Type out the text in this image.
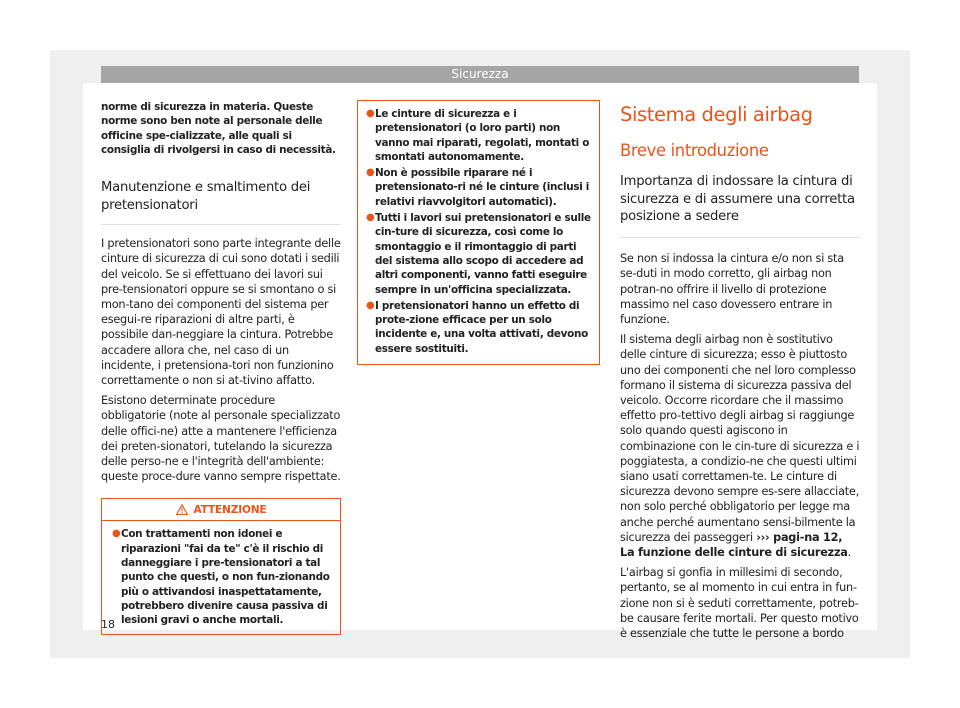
Sicurezza
norme di sicurezza in materia. Queste norme sono ben note al personale delle officine spe-cializzate, alle quali si consiglia di rivolgersi in caso di necessità.
Manutenzione e smaltimento dei pretensionatori

I pretensionatori sono parte integrante delle cinture di sicurezza di cui sono dotati i sedili del veicolo. Se si effettuano dei lavori sui pre-tensionatori oppure se si smontano o si mon-tano dei componenti del sistema per esegui-re riparazioni di altre parti, è possibile dan-neggiare la cintura. Potrebbe accadere allora che, nel caso di un incidente, i pretensiona-tori non funzionino correttamente o non si at-tivino affatto.

Esistono determinate procedure obbligatorie (note al personale specializzato delle offici-ne) atte a mantenere l'efficienza dei preten-sionatori, tutelando la sicurezza delle perso-ne e l'integrità dell'ambiente: queste proce-dure vanno sempre rispettate.

ATTENZIONE
● Con trattamenti non idonei e riparazioni "fai da te" c'è il rischio di danneggiare i pre-tensionatori a tal punto che questi, o non fun-zionando più o attivandosi inaspettatamente, potrebbero divenire causa passiva di lesioni gravi o anche mortali.
● Le cinture di sicurezza e i pretensionatori (o loro parti) non vanno mai riparati, regolati, montati o smontati autonomamente.
● Non è possibile riparare né i pretensionato-ri né le cinture (inclusi i relativi riavvolgitori automatici).
● Tutti i lavori sui pretensionatori e sulle cin-ture di sicurezza, così come lo smontaggio e il rimontaggio di parti del sistema allo scopo di accedere ad altri componenti, vanno fatti eseguire sempre in un'officina specializzata.
● I pretensionatori hanno un effetto di prote-zione efficace per un solo incidente e, una volta attivati, devono essere sostituiti.
Sistema degli airbag
Breve introduzione
Importanza di indossare la cintura di sicurezza e di assumere una corretta posizione a sedere

Se non si indossa la cintura e/o non si sta se-duti in modo corretto, gli airbag non potran-no offrire il livello di protezione massimo nel caso dovessero entrare in funzione.

Il sistema degli airbag non è sostitutivo delle cinture di sicurezza; esso è piuttosto uno dei componenti che nel loro complesso formano il sistema di sicurezza passiva del veicolo. Occorre ricordare che il massimo effetto pro-tettivo degli airbag si raggiunge solo quando questi agiscono in combinazione con le cin-ture di sicurezza e i poggiatesta, a condizio-ne che questi ultimi siano usati correttamen-te. Le cinture di sicurezza devono sempre es-sere allacciate, non solo perché obbligatorio per legge ma anche perché aumentano sensi-bilmente la sicurezza dei passeggeri ››› pagi-na 12, La funzione delle cinture di sicurezza.

L'airbag si gonfia in millesimi di secondo, pertanto, se al momento in cui entra in fun-zione non si è seduti correttamente, potreb-be causare ferite mortali. Per questo motivo è essenziale che tutte le persone a bordo

18
